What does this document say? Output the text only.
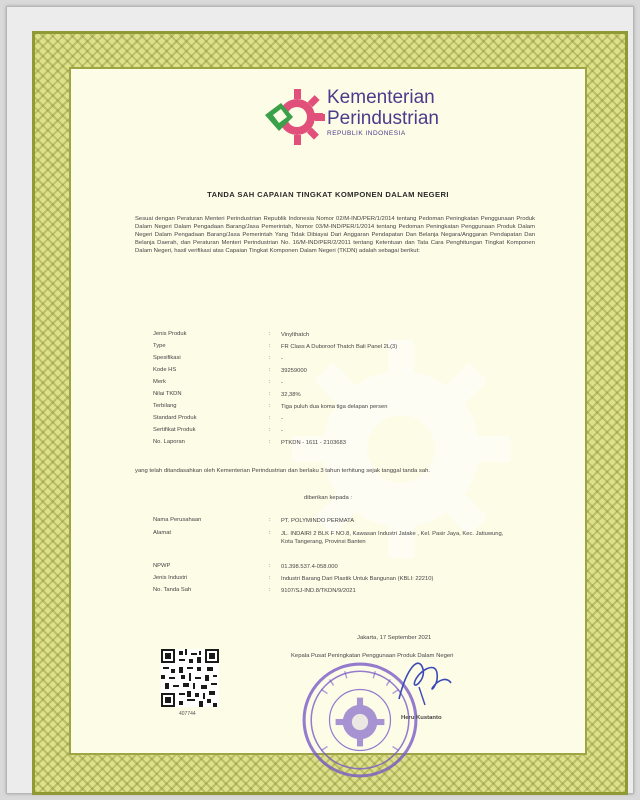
Kementerian
Perindustrian
REPUBLIK INDONESIA
TANDA SAH CAPAIAN TINGKAT KOMPONEN DALAM NEGERI
Sesuai dengan Peraturan Menteri Perindustrian Republik Indonesia Nomor 02/M-IND/PER/1/2014 tentang Pedoman Peningkatan Penggunaan Produk Dalam Negeri Dalam Pengadaan Barang/Jasa Pemerintah, Nomor 03/M-IND/PER/1/2014 tentang Pedoman Peningkatan Penggunaan Produk Dalam Negeri Dalam Pengadaan Barang/Jasa Pemerintah Yang Tidak Dibiayai Dari Anggaran Pendapatan Dan Belanja Negara/Anggaran Pendapatan Dan Belanja Daerah, dan Peraturan Menteri Perindustrian No. 16/M-IND/PER/2/2011 tentang Ketentuan dan Tata Cara Penghitungan Tingkat Komponen Dalam Negeri, hasil verifikasi atas Capaian Tingkat Komponen Dalam Negeri (TKDN) adalah sebagai berikut:
Jenis Produk	: Vinylthatch
Type	: FR Class A Duboroof Thatch Bali Panel 2L(3)
Spesifikasi	: -
Kode HS	: 39259000
Merk	: -
Nilai TKDN	: 32,38%
Terbilang	: Tiga puluh dua koma tiga delapan persen
Standard Produk	: -
Sertifikat Produk	: -
No. Laporan	: PTKDN - 1611 - 2103683
yang telah ditandasahkan oleh Kementerian Perindustrian dan berlaku 3 tahun terhitung sejak tanggal tanda sah.
diberikan kepada :
Nama Perusahaan	: PT. POLYMINDO PERMATA
Alamat	: JL. INDAIRI 2 BLK F NO.8, Kawasan Industri Jatake , Kel. Pasir Jaya, Kec. Jatiuwung, Kota Tangerang, Provinsi Banten
NPWP	: 01.398.537.4-058.000
Jenis Industri	: Industri Barang Dari Plastik Untuk Bangunan (KBLI: 22210)
No. Tanda Sah	: 9107/SJ-IND.8/TKDN/9/2021
Jakarta, 17 September 2021
Kepala Pusat Peningkatan Penggunaan Produk Dalam Negeri
407744
Heru Kustanto
